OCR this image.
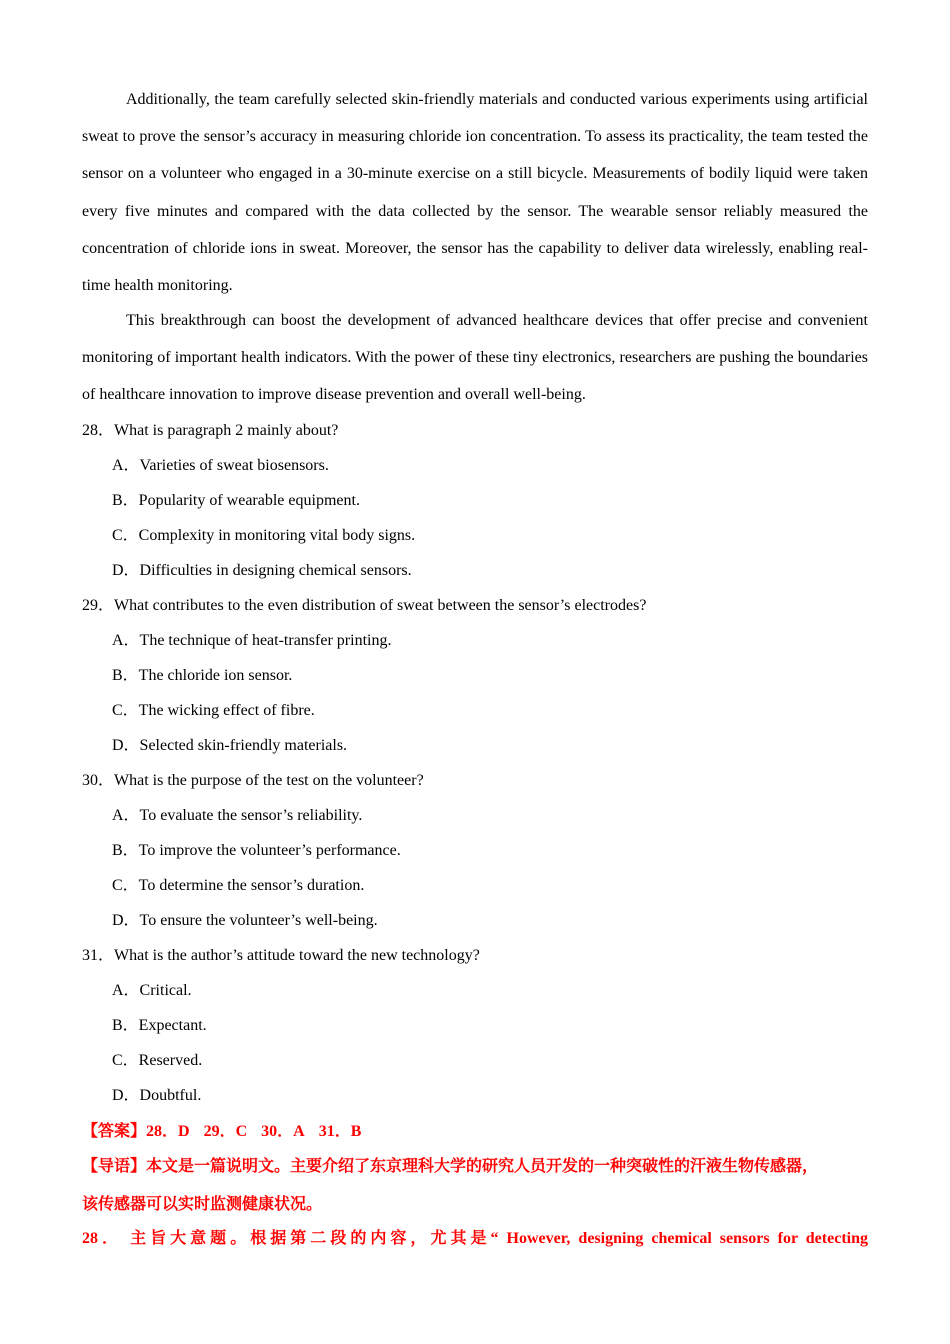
Additionally, the team carefully selected skin-friendly materials and conducted various experiments using artificial sweat to prove the sensor’s accuracy in measuring chloride ion concentration. To assess its practicality, the team tested the sensor on a volunteer who engaged in a 30-minute exercise on a still bicycle. Measurements of bodily liquid were taken every five minutes and compared with the data collected by the sensor. The wearable sensor reliably measured the concentration of chloride ions in sweat. Moreover, the sensor has the capability to deliver data wirelessly, enabling real-time health monitoring.

This breakthrough can boost the development of advanced healthcare devices that offer precise and convenient monitoring of important health indicators. With the power of these tiny electronics, researchers are pushing the boundaries of healthcare innovation to improve disease prevention and overall well-being.

28．What is paragraph 2 mainly about?
A．Varieties of sweat biosensors.
B．Popularity of wearable equipment.
C．Complexity in monitoring vital body signs.
D．Difficulties in designing chemical sensors.
29．What contributes to the even distribution of sweat between the sensor’s electrodes?
A．The technique of heat-transfer printing.
B．The chloride ion sensor.
C．The wicking effect of fibre.
D．Selected skin-friendly materials.
30．What is the purpose of the test on the volunteer?
A．To evaluate the sensor’s reliability.
B．To improve the volunteer’s performance.
C．To determine the sensor’s duration.
D．To ensure the volunteer’s well-being.
31．What is the author’s attitude toward the new technology?
A．Critical.
B．Expectant.
C．Reserved.
D．Doubtful.
【答案】28．D 29．C 30．A 31．B
【导语】本文是一篇说明文。主要介绍了东京理科大学的研究人员开发的一种突破性的汗液生物传感器，
该传感器可以实时监测健康状况。
28． 主旨大意题。根据第二段的内容，尤其是“ However, designing chemical sensors for detecting
